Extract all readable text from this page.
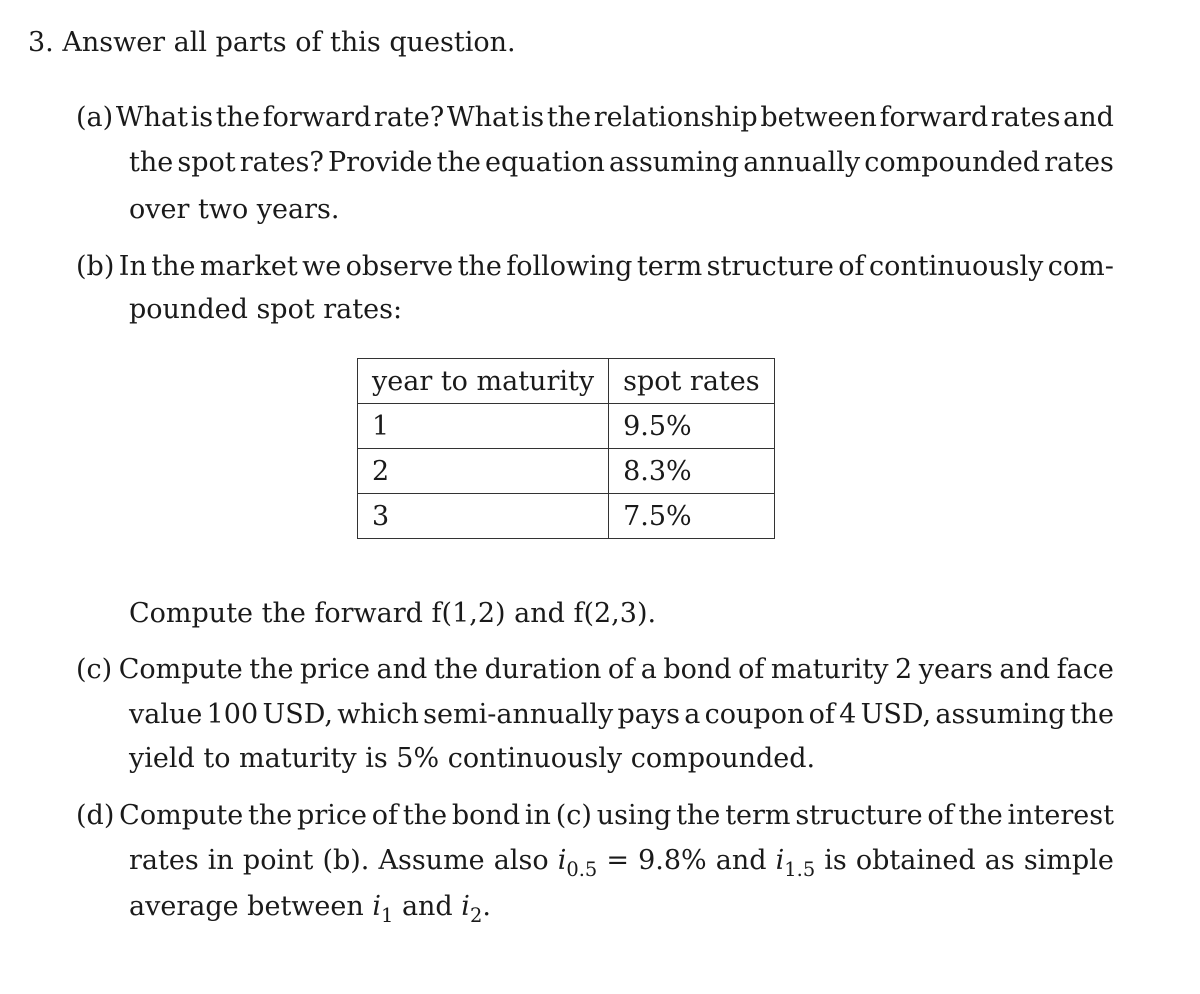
3. Answer all parts of this question.
(a) What is the forward rate? What is the relationship between forward rates and
the spot rates? Provide the equation assuming annually compounded rates
over two years.
(b) In the market we observe the following term structure of continuously com-
pounded spot rates:
year to maturity	spot rates
1	9.5%
2	8.3%
3	7.5%
Compute the forward f(1,2) and f(2,3).
(c) Compute the price and the duration of a bond of maturity 2 years and face
value 100 USD, which semi-annually pays a coupon of 4 USD, assuming the
yield to maturity is 5% continuously compounded.
(d) Compute the price of the bond in (c) using the term structure of the interest
rates in point (b). Assume also $i_{0.5} = 9.8\%$ and $i_{1.5}$ is obtained as simple
average between $i_1$ and $i_2$.
